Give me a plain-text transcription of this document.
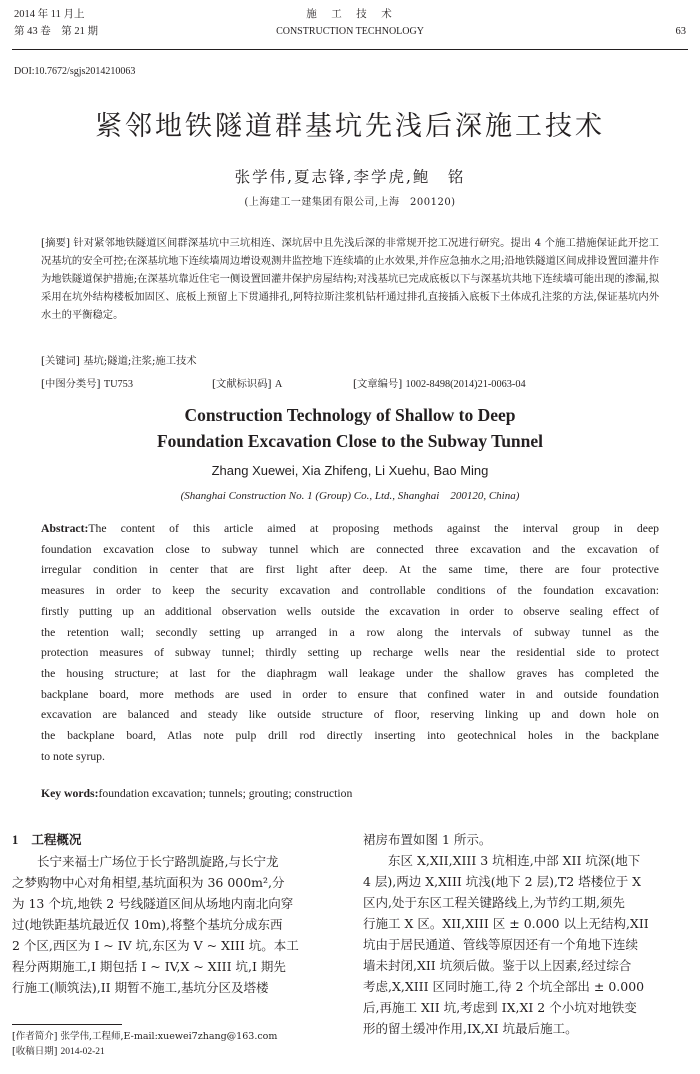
2014 年 11 月上
第 43 卷　第 21 期
施　工　技　术
CONSTRUCTION TECHNOLOGY	63
DOI:10.7672/sgjs2014210063
紧邻地铁隧道群基坑先浅后深施工技术
张学伟,夏志锋,李学虎,鲍　铭
(上海建工一建集团有限公司,上海　200120)
[摘要] 针对紧邻地铁隧道区间群深基坑中三坑相连、深坑居中且先浅后深的非常规开挖工况进行研究。提出 4 个施工措施保证此开挖工况基坑的安全可控;在深基坑地下连续墙周边增设观测井监控地下连续墙的止水效果,并作应急抽水之用;沿地铁隧道区间成排设置回灌井作为地铁隧道保护措施;在深基坑靠近住宅一侧设置回灌井保护房屋结构;对浅基坑已完成底板以下与深基坑共地下连续墙可能出现的渗漏,拟采用在坑外结构楼板加固区、底板上预留上下贯通排孔,阿特拉斯注浆机钻杆通过排孔直接插入底板下土体成孔注浆的方法,保证基坑内外水土的平衡稳定。
[关键词] 基坑;隧道;注浆;施工技术
[中图分类号] TU753	[文献标识码] A	[文章编号] 1002-8498(2014)21-0063-04
Construction Technology of Shallow to Deep
Foundation Excavation Close to the Subway Tunnel
Zhang Xuewei, Xia Zhifeng, Li Xuehu, Bao Ming
(Shanghai Construction No. 1 (Group) Co., Ltd., Shanghai　200120, China)
Abstract:The content of this article aimed at proposing methods against the interval group in deep
foundation excavation close to subway tunnel which are connected three excavation and the excavation of
irregular condition in center that are first light after deep. At the same time, there are four protective
measures in order to keep the security excavation and controllable conditions of the foundation excavation:
firstly putting up an additional observation wells outside the excavation in order to observe sealing effect of
the retention wall; secondly setting up arranged in a row along the intervals of subway tunnel as the
protection measures of subway tunnel; thirdly setting up recharge wells near the residential side to protect
the housing structure; at last for the diaphragm wall leakage under the shallow graves has completed the
backplane board, more methods are used in order to ensure that confined water in and outside foundation
excavation are balanced and steady like outside structure of floor, reserving linking up and down hole on
the backplane board, Atlas note pulp drill rod directly inserting into geotechnical holes in the backplane
to note syrup.
Key words:foundation excavation; tunnels; grouting; construction
1 工程概况

长宁来福士广场位于长宁路凯旋路,与长宁龙

之梦购物中心对角相望,基坑面积为 36 000m²,分

为 13 个坑,地铁 2 号线隧道区间从场地内南北向穿

过(地铁距基坑最近仅 10m),将整个基坑分成东西

2 个区,西区为 I ~ IV 坑,东区为 V ~ XIII 坑。本工

程分两期施工,I 期包括 I ~ IV,X ~ XIII 坑,I 期先

行施工(顺筑法),II 期暂不施工,基坑分区及塔楼

裙房布置如图 1 所示。

东区 X,XII,XIII 3 坑相连,中部 XII 坑深(地下

4 层),两边 X,XIII 坑浅(地下 2 层),T2 塔楼位于 X

区内,处于东区工程关键路线上,为节约工期,须先

行施工 X 区。XII,XIII 区 ± 0.000 以上无结构,XII

坑由于居民通道、管线等原因还有一个角地下连续

墙未封闭,XII 坑须后做。鉴于以上因素,经过综合

考虑,X,XIII 区同时施工,待 2 个坑全部出 ± 0.000

后,再施工 XII 坑,考虑到 IX,XI 2 个小坑对地铁变

形的留土缓冲作用,IX,XI 坑最后施工。

[作者简介] 张学伟,工程师,E-mail:xuewei7zhang@163.com
[收稿日期] 2014-02-21
